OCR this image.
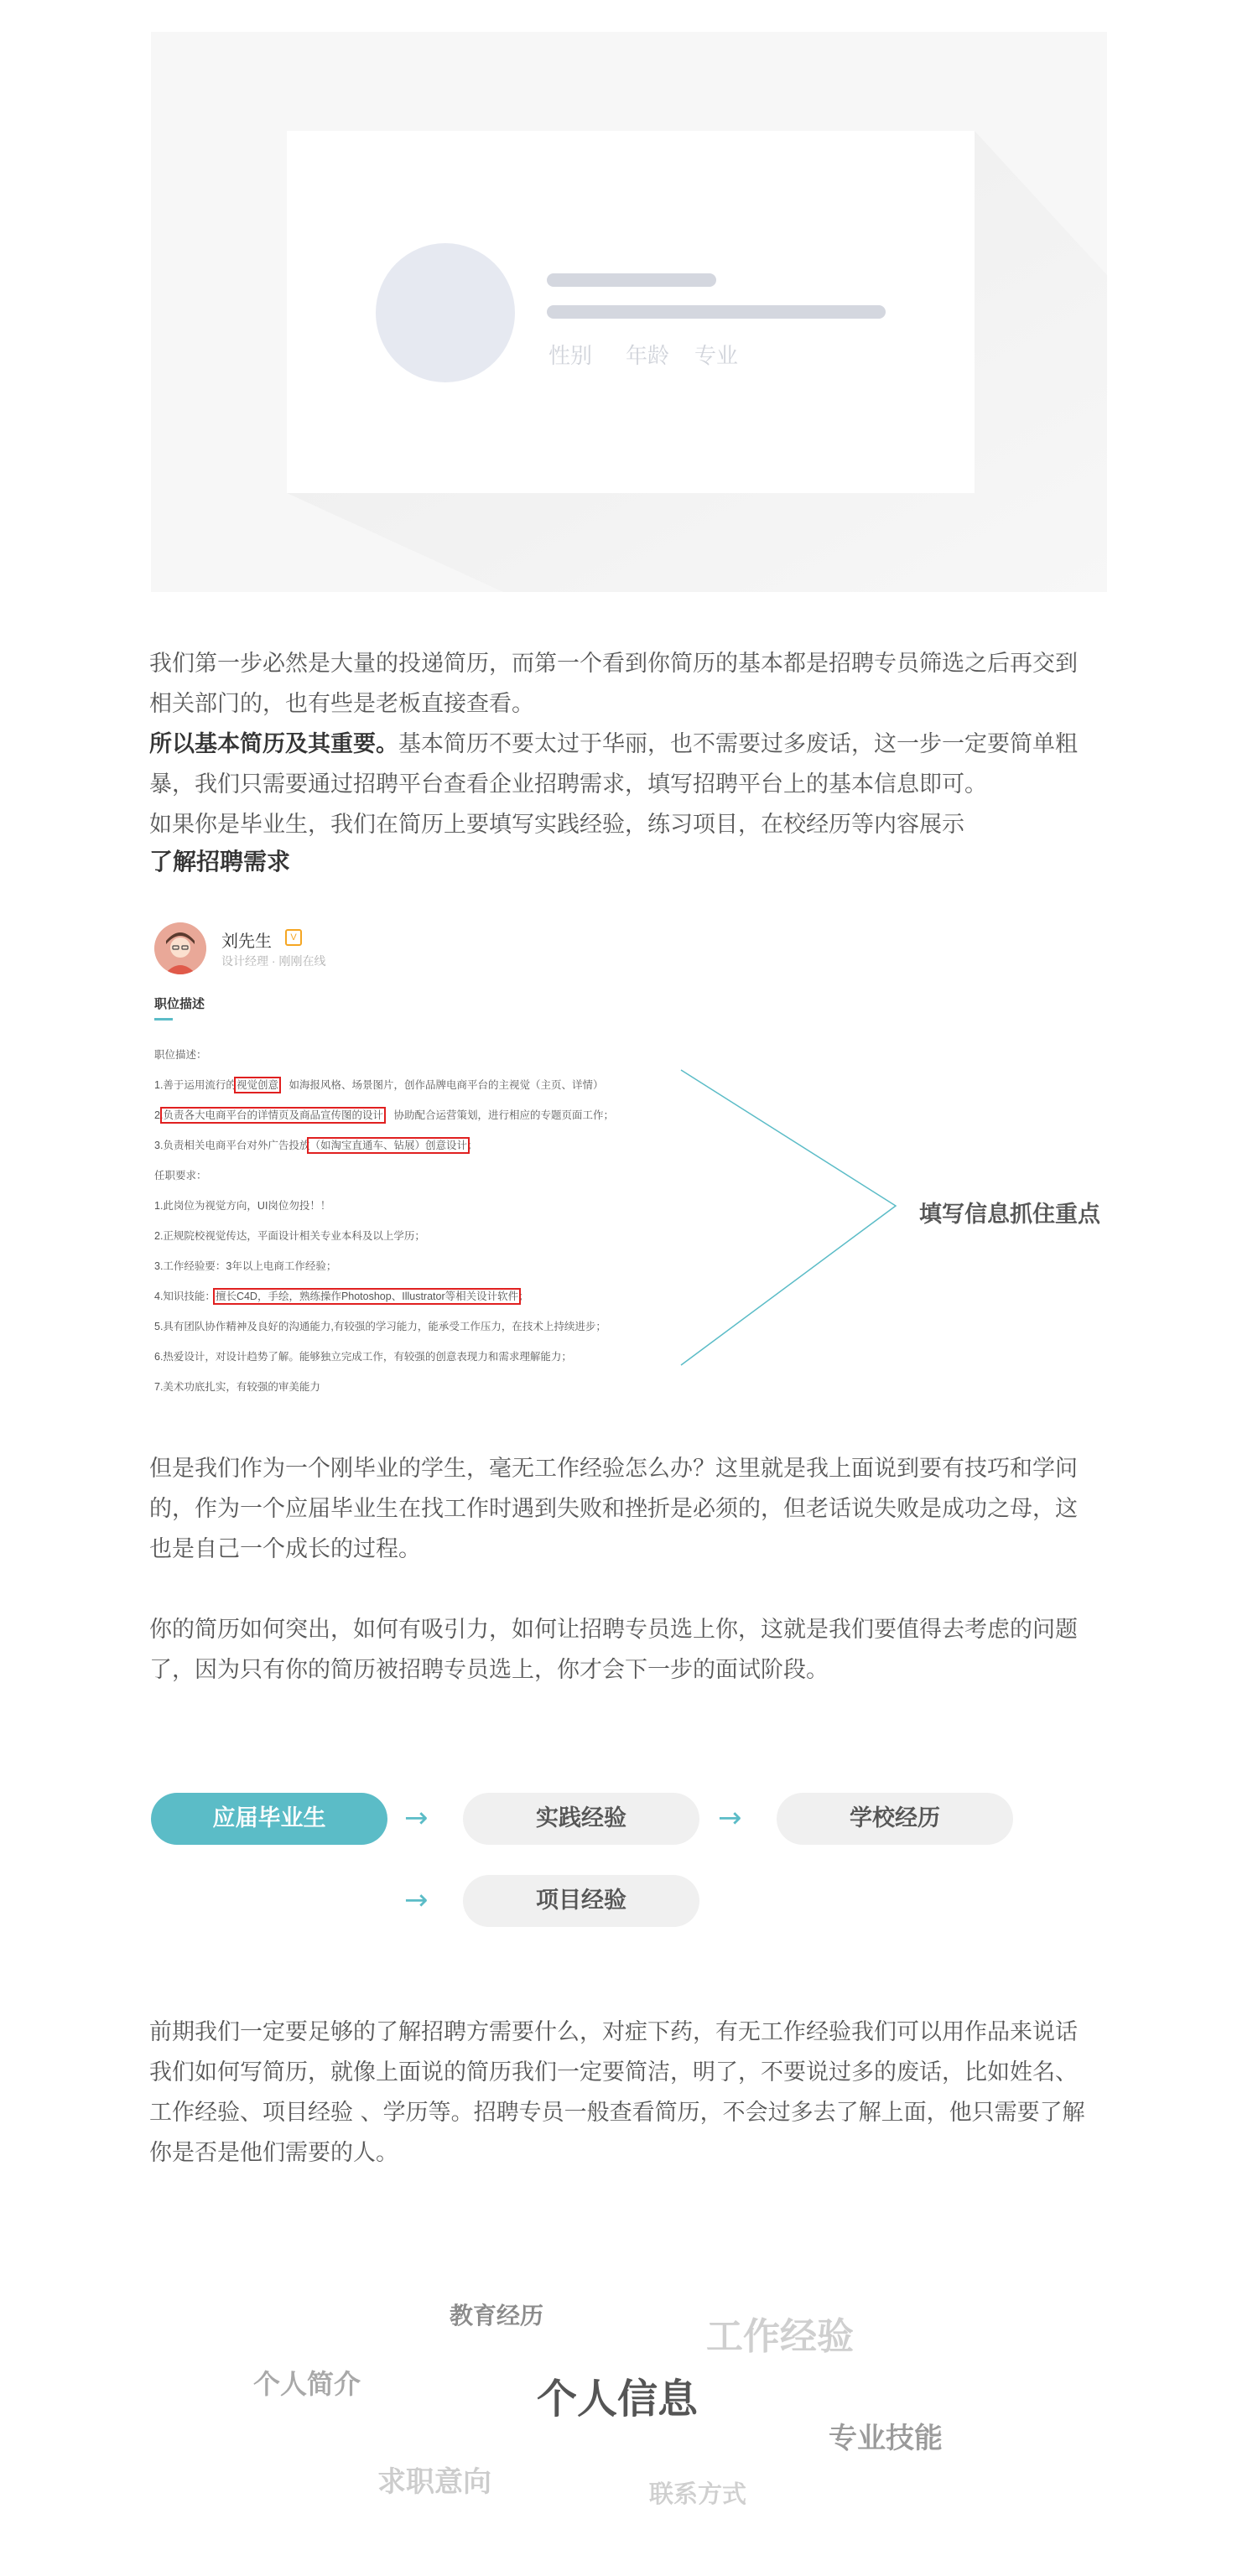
性别 年龄 专业
我们第一步必然是大量的投递简历，而第一个看到你简历的基本都是招聘专员筛选之后再交到
相关部门的，也有些是老板直接查看。
所以基本简历及其重要。基本简历不要太过于华丽，也不需要过多废话，这一步一定要简单粗
暴，我们只需要通过招聘平台查看企业招聘需求，填写招聘平台上的基本信息即可。
如果你是毕业生，我们在简历上要填写实践经验，练习项目，在校经历等内容展示
了解招聘需求
刘先生	V
设计经理 · 刚刚在线
职位描述
职位描述：
1.善于运用流行的视觉创意，如海报风格、场景图片，创作品牌电商平台的主视觉（主页、详情）
2.负责各大电商平台的详情页及商品宣传图的设计，协助配合运营策划，进行相应的专题页面工作；
3.负责相关电商平台对外广告投放（如淘宝直通车、钻展）创意设计；
任职要求：
1.此岗位为视觉方向，UI岗位勿投！！
2.正规院校视觉传达，平面设计相关专业本科及以上学历；
3.工作经验要：3年以上电商工作经验；
4.知识技能：擅长C4D，手绘，熟练操作Photoshop、Illustrator等相关设计软件；
5.具有团队协作精神及良好的沟通能力,有较强的学习能力，能承受工作压力，在技术上持续进步；
6.热爱设计，对设计趋势了解。能够独立完成工作，有较强的创意表现力和需求理解能力；
7.美术功底扎实，有较强的审美能力
填写信息抓住重点
但是我们作为一个刚毕业的学生，毫无工作经验怎么办？这里就是我上面说到要有技巧和学问
的，作为一个应届毕业生在找工作时遇到失败和挫折是必须的，但老话说失败是成功之母，这
也是自己一个成长的过程。
你的简历如何突出，如何有吸引力，如何让招聘专员选上你，这就是我们要值得去考虑的问题
了，因为只有你的简历被招聘专员选上，你才会下一步的面试阶段。
应届毕业生	→	实践经验	→	学校经历
→	项目经验
前期我们一定要足够的了解招聘方需要什么，对症下药，有无工作经验我们可以用作品来说话
我们如何写简历，就像上面说的简历我们一定要简洁，明了，不要说过多的废话，比如姓名、
工作经验、项目经验 、学历等。招聘专员一般查看简历，不会过多去了解上面，他只需要了解
你是否是他们需要的人。
教育经历	工作经验
个人简介	个人信息
专业技能
求职意向	联系方式
